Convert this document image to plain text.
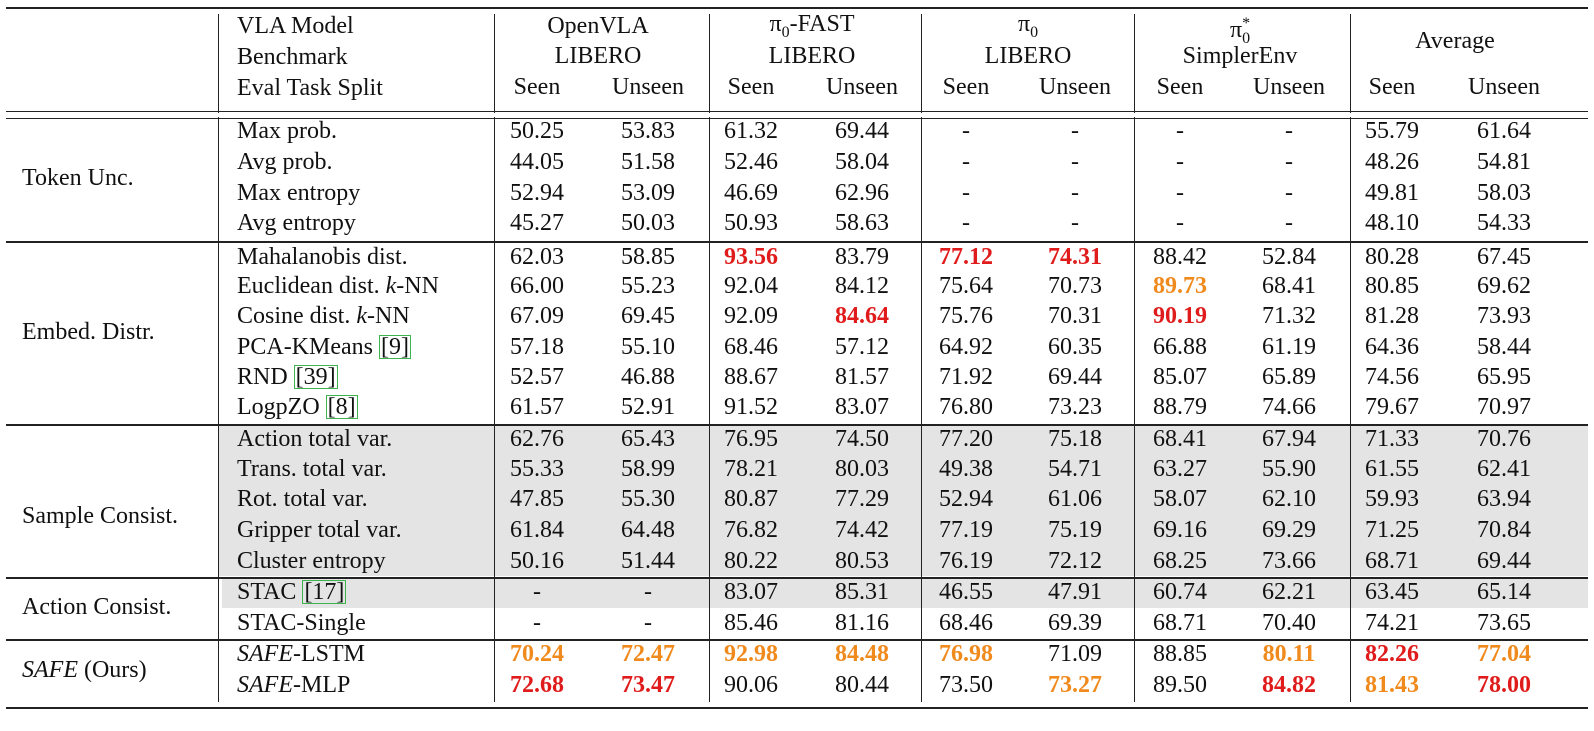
VLA Model
Benchmark
Eval Task Split
OpenVLA
LIBERO
$\pi_0$-FAST
LIBERO
$\pi_0$
LIBERO
$\pi^*_0$
SimplerEnv
Average
Seen Unseen Seen Unseen Seen Unseen Seen Unseen Seen Unseen
Token Unc.
Max prob.	50.25 53.83 61.32 69.44	-	-	-	-	55.79 61.64
Avg prob.	44.05 51.58 52.46 58.04	-	-	-	-	48.26 54.81
Max entropy	52.94 53.09 46.69 62.96	-	-	-	-	49.81 58.03
Avg entropy	45.27 50.03 50.93 58.63	-	-	-	-	48.10 54.33
Embed. Distr.
Mahalanobis dist.	62.03 58.85 93.56 83.79 77.12 74.31 88.42 52.84 80.28 67.45
Euclidean dist. k-NN	66.00 55.23 92.04 84.12 75.64 70.73 89.73 68.41 80.85 69.62
Cosine dist. k-NN	67.09 69.45 92.09 84.64 75.76 70.31 90.19 71.32 81.28 73.93
PCA-KMeans [9]	57.18 55.10 68.46 57.12 64.92 60.35 66.88 61.19 64.36 58.44
RND [39]	52.57 46.88 88.67 81.57 71.92 69.44 85.07 65.89 74.56 65.95
LogpZO [8]	61.57 52.91 91.52 83.07 76.80 73.23 88.79 74.66 79.67 70.97
Sample Consist.
Action total var.	62.76 65.43 76.95 74.50 77.20 75.18 68.41 67.94 71.33 70.76
Trans. total var.	55.33 58.99 78.21 80.03 49.38 54.71 63.27 55.90 61.55 62.41
Rot. total var.	47.85 55.30 80.87 77.29 52.94 61.06 58.07 62.10 59.93 63.94
Gripper total var.	61.84 64.48 76.82 74.42 77.19 75.19 69.16 69.29 71.25 70.84
Cluster entropy	50.16 51.44 80.22 80.53 76.19 72.12 68.25 73.66 68.71 69.44
Action Consist.
STAC [17]	-	-	83.07 85.31 46.55 47.91 60.74 62.21 63.45 65.14
STAC-Single	-	-	85.46 81.16 68.46 69.39 68.71 70.40 74.21 73.65
SAFE (Ours)
SAFE-LSTM	70.24 72.47 92.98 84.48 76.98 71.09 88.85 80.11 82.26 77.04
SAFE-MLP	72.68 73.47 90.06 80.44 73.50 73.27 89.50 84.82 81.43 78.00
